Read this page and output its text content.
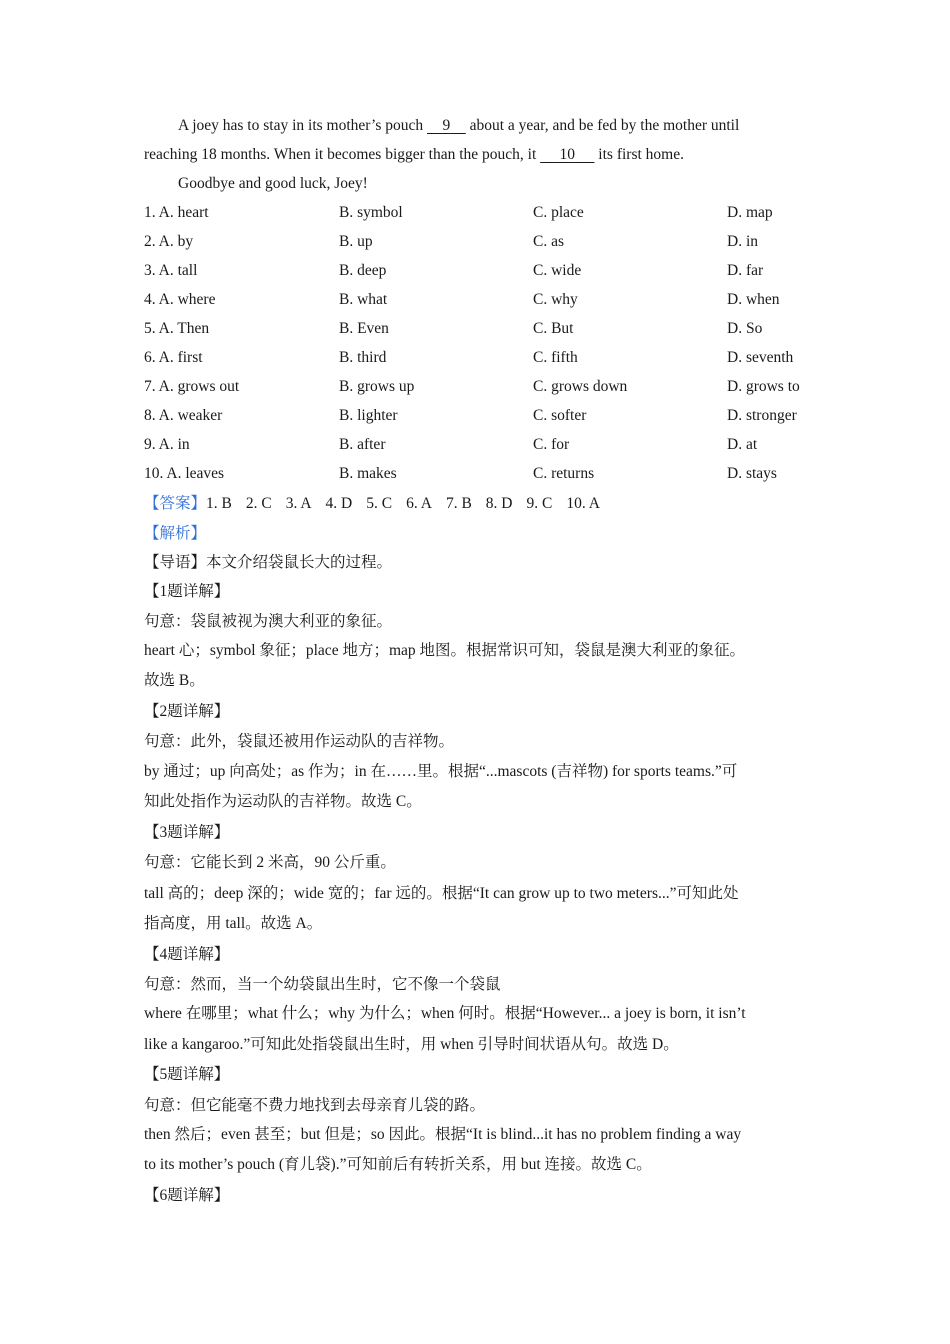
A joey has to stay in its mother’s pouch 9 about a year, and be fed by the mother until
reaching 18 months. When it becomes bigger than the pouch, it 10 its first home.
Goodbye and good luck, Joey!
1. A. heart	B. symbol	C. place	D. map
2. A. by	B. up	C. as	D. in
3. A. tall	B. deep	C. wide	D. far
4. A. where	B. what	C. why	D. when
5. A. Then	B. Even	C. But	D. So
6. A. first	B. third	C. fifth	D. seventh
7. A. grows out	B. grows up	C. grows down	D. grows to
8. A. weaker	B. lighter	C. softer	D. stronger
9. A. in	B. after	C. for	D. at
10. A. leaves	B. makes	C. returns	D. stays
【答案】1. B 2. C 3. A 4. D 5. C 6. A 7. B 8. D 9. C 10. A
【解析】
【导语】本文介绍袋鼠长大的过程。
【1题详解】
句意：袋鼠被视为澳大利亚的象征。
heart 心；symbol 象征；place 地方；map 地图。根据常识可知，袋鼠是澳大利亚的象征。
故选 B。
【2题详解】
句意：此外，袋鼠还被用作运动队的吉祥物。
by 通过；up 向高处；as 作为；in 在……里。根据“...mascots (吉祥物) for sports teams.”可
知此处指作为运动队的吉祥物。故选 C。
【3题详解】
句意：它能长到 2 米高，90 公斤重。
tall 高的；deep 深的；wide 宽的；far 远的。根据“It can grow up to two meters...”可知此处
指高度，用 tall。故选 A。
【4题详解】
句意：然而，当一个幼袋鼠出生时，它不像一个袋鼠
where 在哪里；what 什么；why 为什么；when 何时。根据“However... a joey is born, it isn’t
like a kangaroo.”可知此处指袋鼠出生时，用 when 引导时间状语从句。故选 D。
【5题详解】
句意：但它能毫不费力地找到去母亲育儿袋的路。
then 然后；even 甚至；but 但是；so 因此。根据“It is blind...it has no problem finding a way
to its mother’s pouch (育儿袋).”可知前后有转折关系，用 but 连接。故选 C。
【6题详解】
